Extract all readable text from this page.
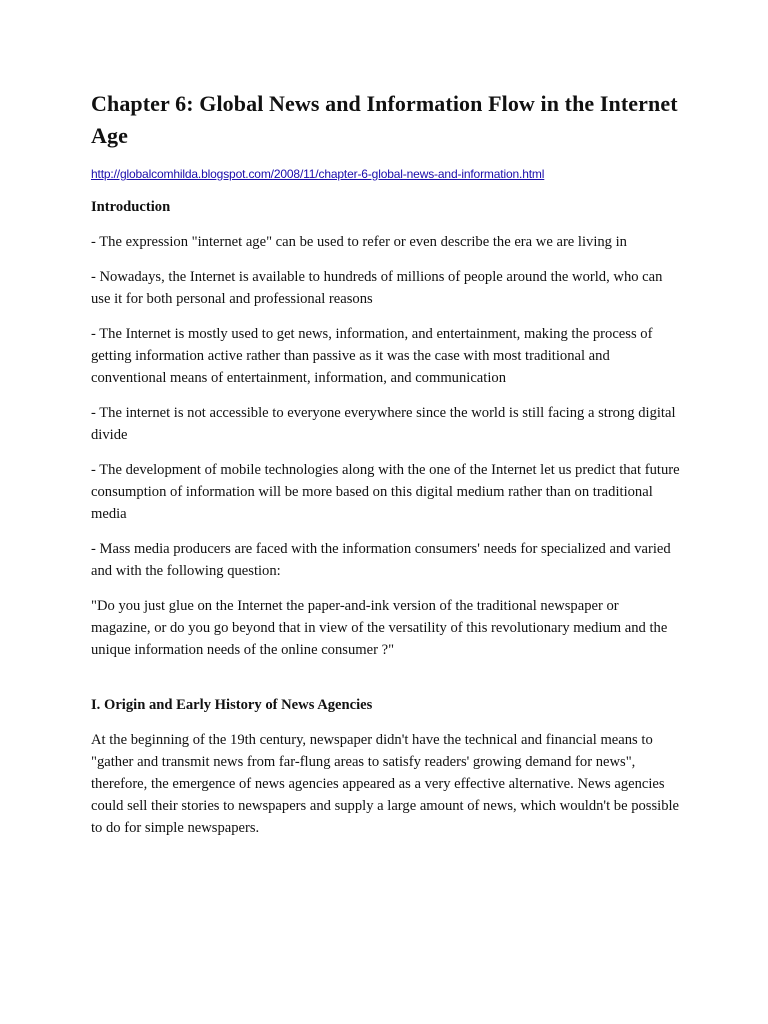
Chapter 6: Global News and Information Flow in the Internet Age
http://globalcomhilda.blogspot.com/2008/11/chapter-6-global-news-and-information.html
Introduction

- The expression "internet age" can be used to refer or even describe the era we are living in

- Nowadays, the Internet is available to hundreds of millions of people around the world, who can use it for both personal and professional reasons

- The Internet is mostly used to get news, information, and entertainment, making the process of getting information active rather than passive as it was the case with most traditional and conventional means of entertainment, information, and communication

- The internet is not accessible to everyone everywhere since the world is still facing a strong digital divide

- The development of mobile technologies along with the one of the Internet let us predict that future consumption of information will be more based on this digital medium rather than on traditional media

- Mass media producers are faced with the information consumers' needs for specialized and varied and with the following question:

"Do you just glue on the Internet the paper-and-ink version of the traditional newspaper or magazine, or do you go beyond that in view of the versatility of this revolutionary medium and the unique information needs of the online consumer ?"

I. Origin and Early History of News Agencies

At the beginning of the 19th century, newspaper didn't have the technical and financial means to "gather and transmit news from far-flung areas to satisfy readers' growing demand for news", therefore, the emergence of news agencies appeared as a very effective alternative. News agencies could sell their stories to newspapers and supply a large amount of news, which wouldn't be possible to do for simple newspapers.
